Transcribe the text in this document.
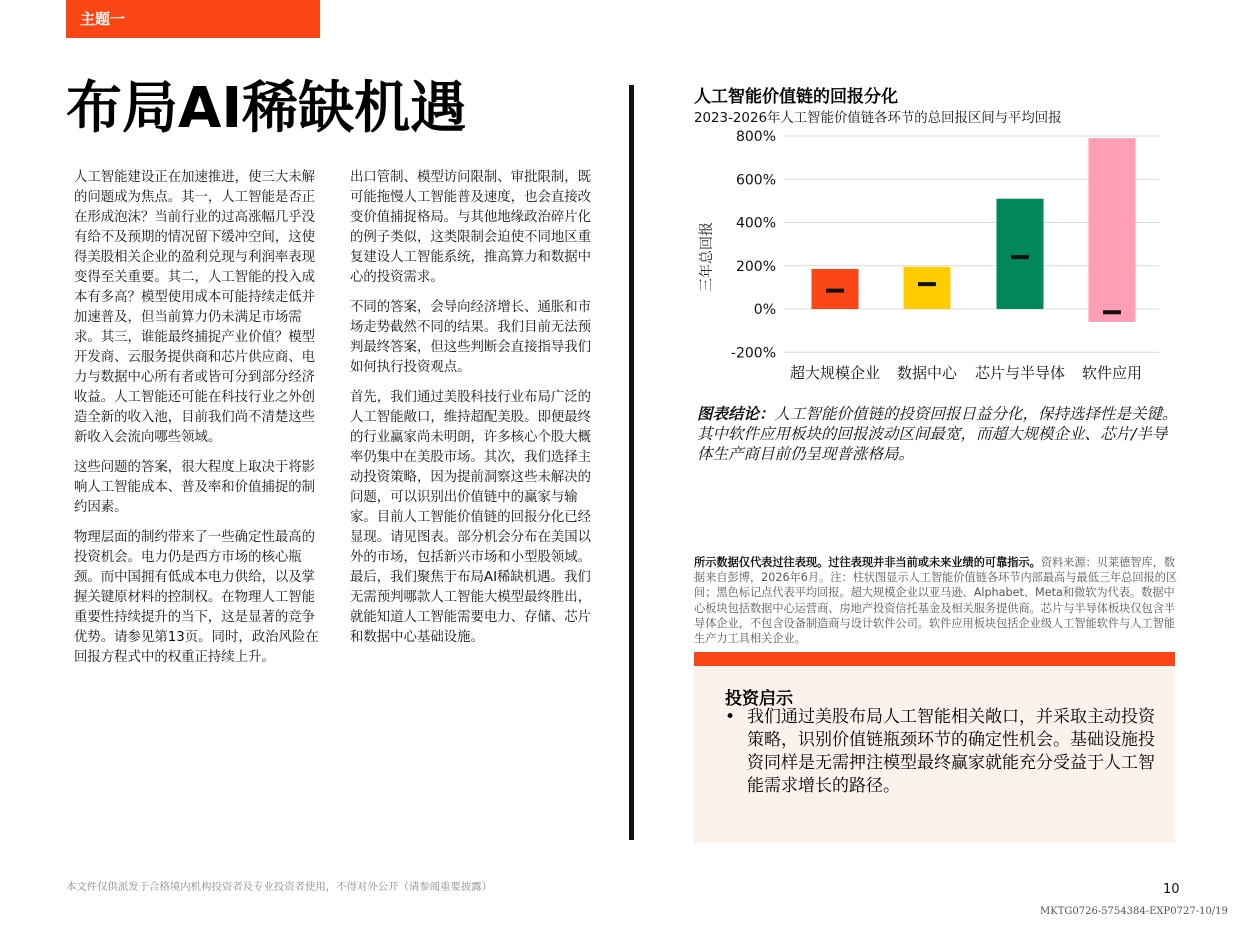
主题一
布局AI稀缺机遇

人工智能建设正在加速推进，使三大未解的问题成为焦点。其一，人工智能是否正在形成泡沫？当前行业的过高涨幅几乎没有给不及预期的情况留下缓冲空间，这使得美股相关企业的盈利兑现与利润率表现变得至关重要。其二，人工智能的投入成本有多高？模型使用成本可能持续走低并加速普及，但当前算力仍未满足市场需求。其三，谁能最终捕捉产业价值？模型开发商、云服务提供商和芯片供应商、电力与数据中心所有者或皆可分到部分经济收益。人工智能还可能在科技行业之外创造全新的收入池，目前我们尚不清楚这些新收入会流向哪些领域。

这些问题的答案，很大程度上取决于将影响人工智能成本、普及率和价值捕捉的制约因素。

物理层面的制约带来了一些确定性最高的投资机会。电力仍是西方市场的核心瓶颈。而中国拥有低成本电力供给，以及掌握关键原材料的控制权。在物理人工智能重要性持续提升的当下，这是显著的竞争优势。请参见第13页。同时，政治风险在回报方程式中的权重正持续上升。

出口管制、模型访问限制、审批限制，既可能拖慢人工智能普及速度，也会直接改变价值捕捉格局。与其他地缘政治碎片化的例子类似，这类限制会迫使不同地区重复建设人工智能系统，推高算力和数据中心的投资需求。

不同的答案，会导向经济增长、通胀和市场走势截然不同的结果。我们目前无法预判最终答案，但这些判断会直接指导我们如何执行投资观点。

首先，我们通过美股科技行业布局广泛的人工智能敞口，维持超配美股。即便最终的行业赢家尚未明朗，许多核心个股大概率仍集中在美股市场。其次，我们选择主动投资策略，因为提前洞察这些未解决的问题，可以识别出价值链中的赢家与输家。目前人工智能价值链的回报分化已经显现。请见图表。部分机会分布在美国以外的市场，包括新兴市场和小型股领域。最后，我们聚焦于布局AI稀缺机遇。我们无需预判哪款人工智能大模型最终胜出，就能知道人工智能需要电力、存储、芯片和数据中心基础设施。

人工智能价值链的回报分化
2023-2026年人工智能价值链各环节的总回报区间与平均回报
800%
600%
400%
200%
0%
-200%
超大规模企业 数据中心 芯片与半导体 软件应用
三年总回报
图表结论：人工智能价值链的投资回报日益分化，保持选择性是关键。其中软件应用板块的回报波动区间最宽，而超大规模企业、芯片/半导体生产商目前仍呈现普涨格局。
所示数据仅代表过往表现。过往表现并非当前或未来业绩的可靠指示。资料来源：贝莱德智库，数据来自彭博，2026年6月。注：柱状图显示人工智能价值链各环节内部最高与最低三年总回报的区间；黑色标记点代表平均回报。超大规模企业以亚马逊、Alphabet、Meta和微软为代表。数据中心板块包括数据中心运营商、房地产投资信托基金及相关服务提供商。芯片与半导体板块仅包含半导体企业，不包含设备制造商与设计软件公司。软件应用板块包括企业级人工智能软件与人工智能生产力工具相关企业。
投资启示
• 我们通过美股布局人工智能相关敞口，并采取主动投资策略，识别价值链瓶颈环节的确定性机会。基础设施投资同样是无需押注模型最终赢家就能充分受益于人工智能需求增长的路径。
本文件仅供派发于合格境内机构投资者及专业投资者使用，不得对外公开（请参阅重要披露）	10
MKTG0726-5754384-EXP0727-10/19
